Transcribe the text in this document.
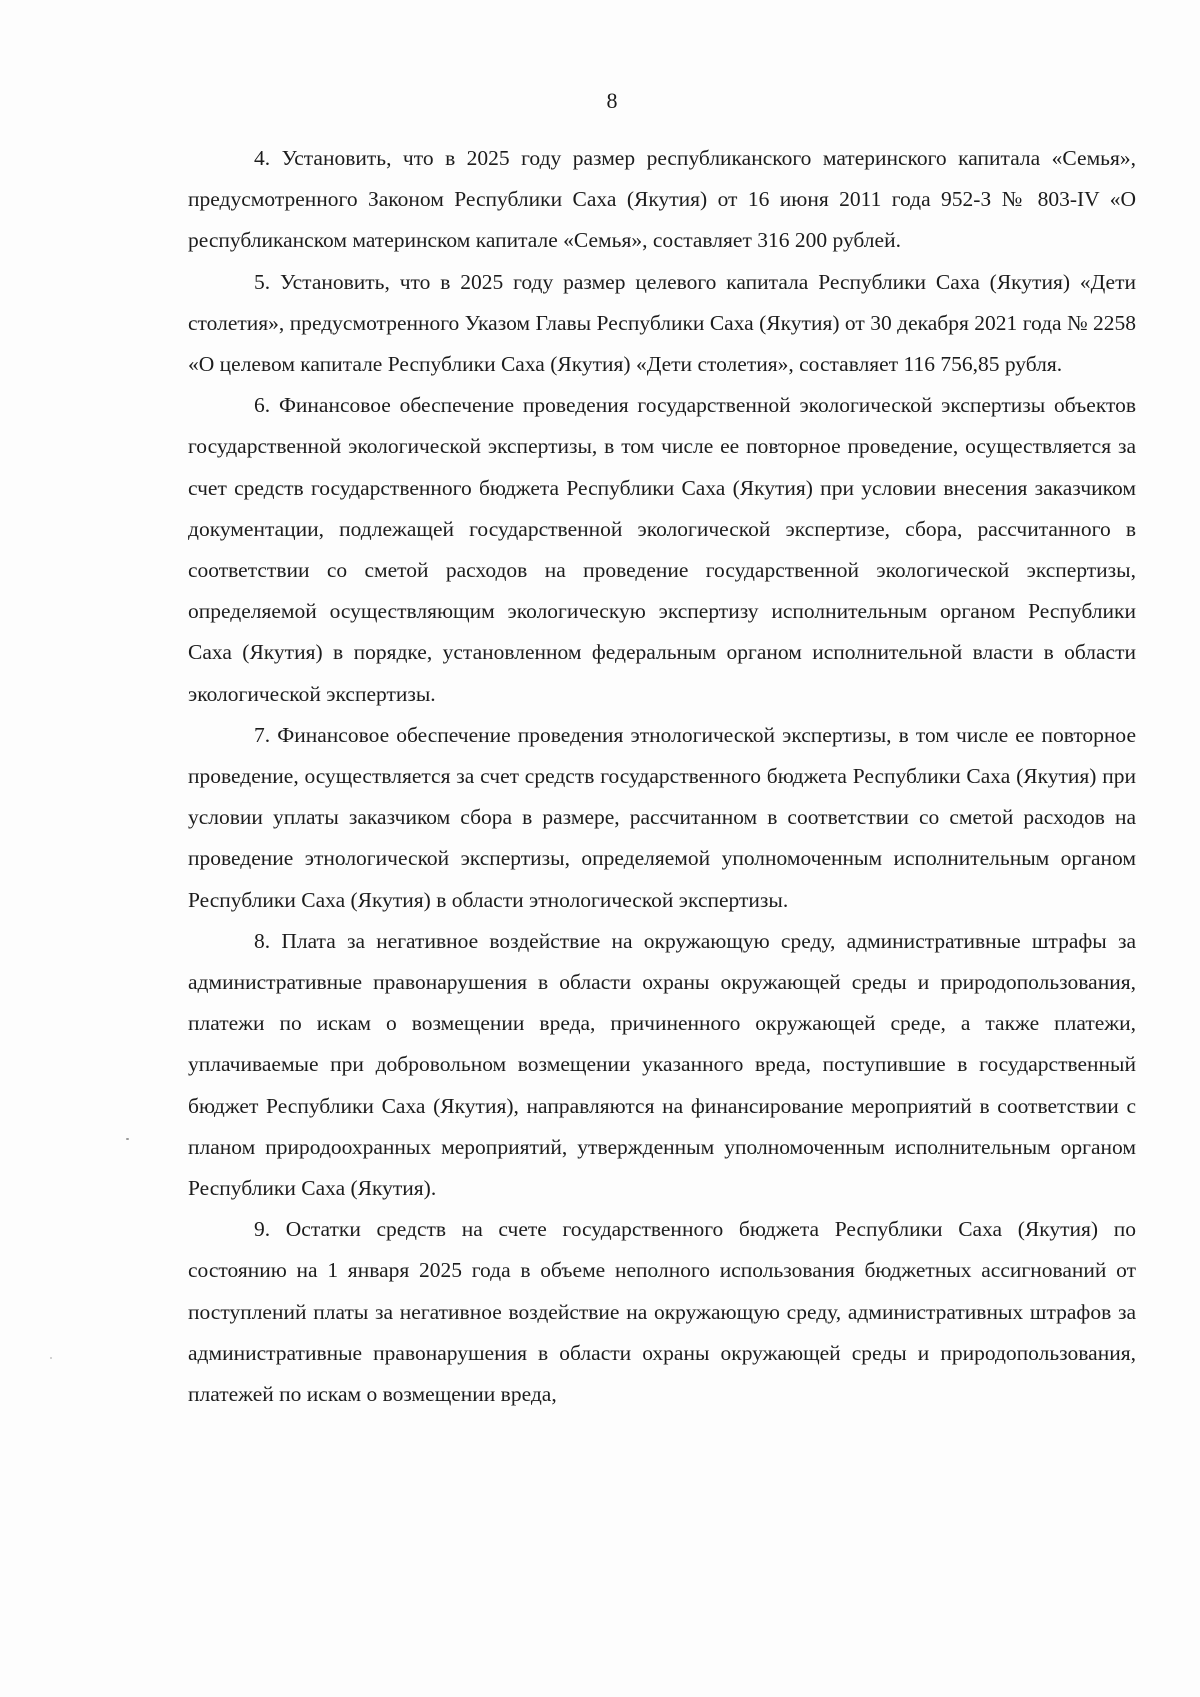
8

4. Установить, что в 2025 году размер республиканского материнского капитала «Семья», предусмотренного Законом Республики Саха (Якутия) от 16 июня 2011 года 952-З № 803-IV «О республиканском материнском капитале «Семья», составляет 316 200 рублей.

5. Установить, что в 2025 году размер целевого капитала Республики Саха (Якутия) «Дети столетия», предусмотренного Указом Главы Республики Саха (Якутия) от 30 декабря 2021 года № 2258 «О целевом капитале Республики Саха (Якутия) «Дети столетия», составляет 116 756,85 рубля.

6. Финансовое обеспечение проведения государственной экологической экспертизы объектов государственной экологической экспертизы, в том числе ее повторное проведение, осуществляется за счет средств государственного бюджета Республики Саха (Якутия) при условии внесения заказчиком документации, подлежащей государственной экологической экспертизе, сбора, рассчитанного в соответствии со сметой расходов на проведение государственной экологической экспертизы, определяемой осуществляющим экологическую экспертизу исполнительным органом Республики Саха (Якутия) в порядке, установленном федеральным органом исполнительной власти в области экологической экспертизы.

7. Финансовое обеспечение проведения этнологической экспертизы, в том числе ее повторное проведение, осуществляется за счет средств государственного бюджета Республики Саха (Якутия) при условии уплаты заказчиком сбора в размере, рассчитанном в соответствии со сметой расходов на проведение этнологической экспертизы, определяемой уполномоченным исполнительным органом Республики Саха (Якутия) в области этнологической экспертизы.

8. Плата за негативное воздействие на окружающую среду, административные штрафы за административные правонарушения в области охраны окружающей среды и природопользования, платежи по искам о возмещении вреда, причиненного окружающей среде, а также платежи, уплачиваемые при добровольном возмещении указанного вреда, поступившие в государственный бюджет Республики Саха (Якутия), направляются на финансирование мероприятий в соответствии с планом природоохранных мероприятий, утвержденным уполномоченным исполнительным органом Республики Саха (Якутия).

9. Остатки средств на счете государственного бюджета Республики Саха (Якутия) по состоянию на 1 января 2025 года в объеме неполного использования бюджетных ассигнований от поступлений платы за негативное воздействие на окружающую среду, административных штрафов за административные правонарушения в области охраны окружающей среды и природопользования, платежей по искам о возмещении вреда,
